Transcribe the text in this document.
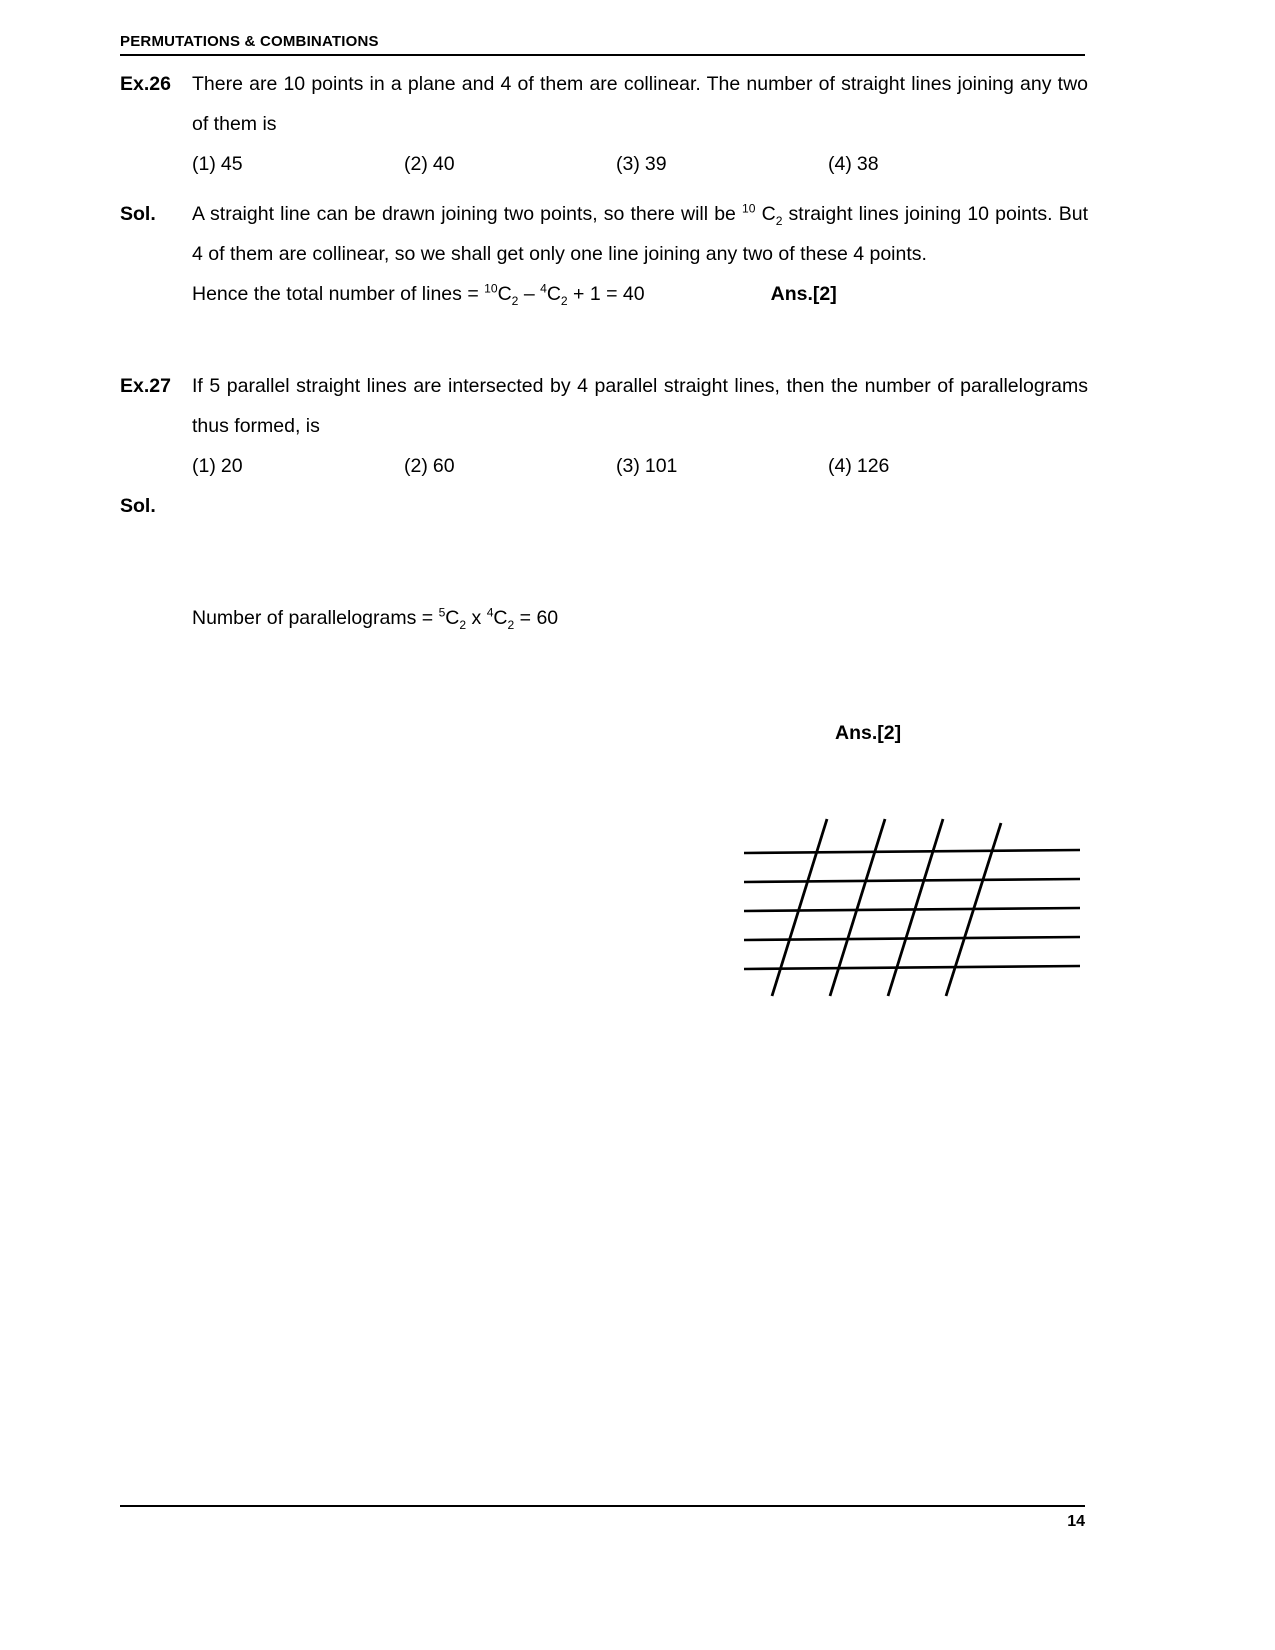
PERMUTATIONS & COMBINATIONS
Ex.26	There are 10 points in a plane and 4 of them are collinear. The number of straight lines joining any two of them is
(1) 45	(2) 40	(3) 39	(4) 38
Sol.	A straight line can be drawn joining two points, so there will be $^{10}$ $C_2$ straight lines joining 10 points. But 4 of them are collinear, so we shall get only one line joining any two of these 4 points.
Hence the total number of lines = $^{10}C_2 - ^4C_2 + 1 = 40$	Ans.[2]
Ex.27	If 5 parallel straight lines are intersected by 4 parallel straight lines, then the number of parallelograms thus formed, is
(1) 20	(2) 60	(3) 101	(4) 126
Sol.
Number of parallelograms = $^5C_2$ x $^4C_2 = 60$
Ans.[2]
14
